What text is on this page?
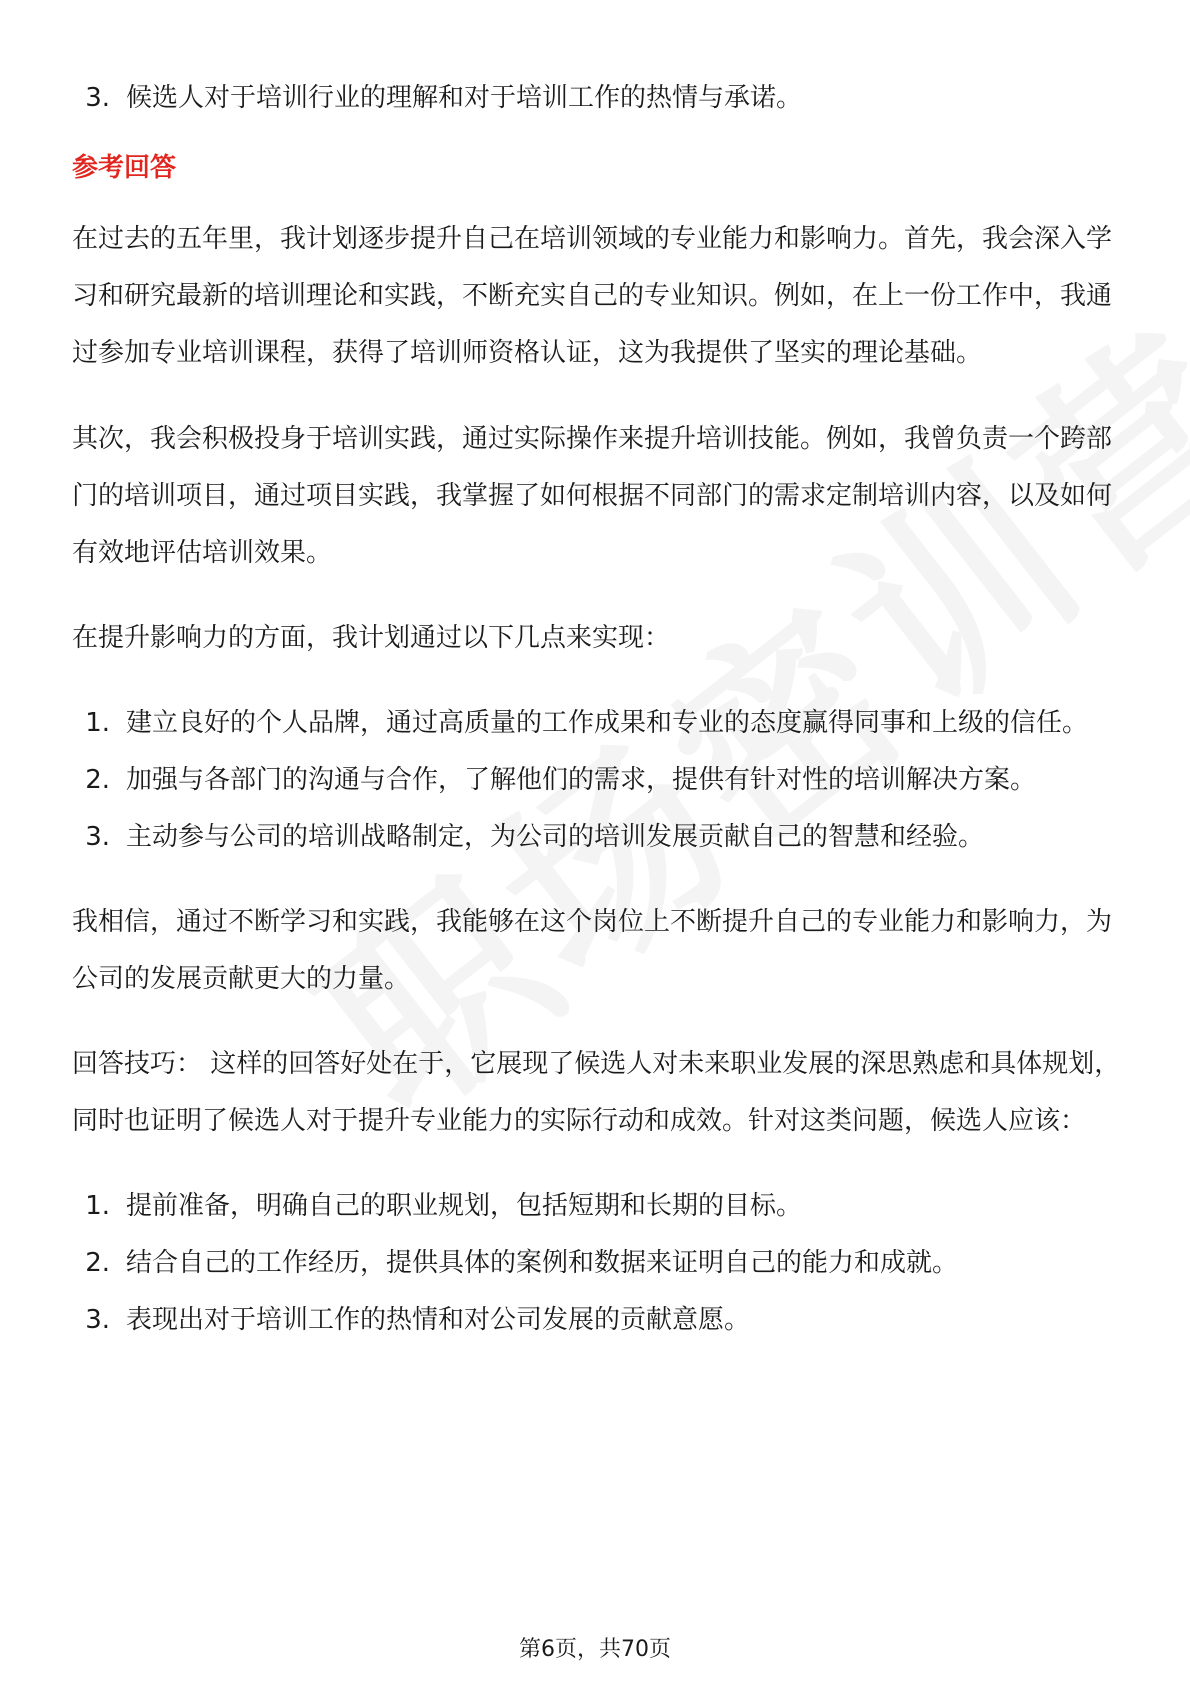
3. 候选人对于培训行业的理解和对于培训工作的热情与承诺。
参考回答

在过去的五年里，我计划逐步提升自己在培训领域的专业能力和影响力。首先，我会深入学习和研究最新的培训理论和实践，不断充实自己的专业知识。例如，在上一份工作中，我通过参加专业培训课程，获得了培训师资格认证，这为我提供了坚实的理论基础。

其次，我会积极投身于培训实践，通过实际操作来提升培训技能。例如，我曾负责一个跨部门的培训项目，通过项目实践，我掌握了如何根据不同部门的需求定制培训内容，以及如何有效地评估培训效果。

在提升影响力的方面，我计划通过以下几点来实现：

1. 建立良好的个人品牌，通过高质量的工作成果和专业的态度赢得同事和上级的信任。
2. 加强与各部门的沟通与合作，了解他们的需求，提供有针对性的培训解决方案。
3. 主动参与公司的培训战略制定，为公司的培训发展贡献自己的智慧和经验。

我相信，通过不断学习和实践，我能够在这个岗位上不断提升自己的专业能力和影响力，为公司的发展贡献更大的力量。

回答技巧： 这样的回答好处在于，它展现了候选人对未来职业发展的深思熟虑和具体规划，同时也证明了候选人对于提升专业能力的实际行动和成效。针对这类问题，候选人应该：

1. 提前准备，明确自己的职业规划，包括短期和长期的目标。
2. 结合自己的工作经历，提供具体的案例和数据来证明自己的能力和成就。
3. 表现出对于培训工作的热情和对公司发展的贡献意愿。
第6页，共70页
